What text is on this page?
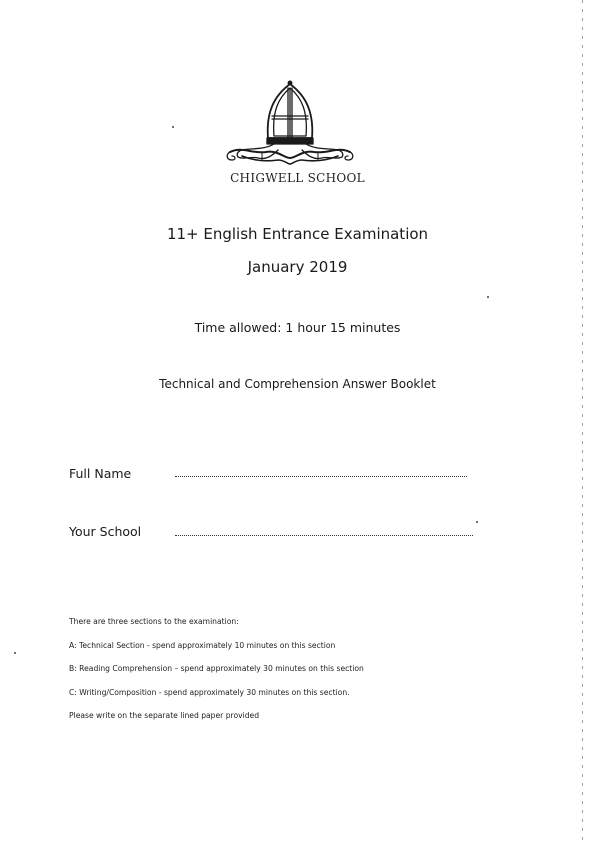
CHIGWELL SCHOOL
11+ English Entrance Examination
January 2019
Time allowed: 1 hour 15 minutes
Technical and Comprehension Answer Booklet
Full Name
Your School

There are three sections to the examination:

A: Technical Section - spend approximately 10 minutes on this section

B: Reading Comprehension – spend approximately 30 minutes on this section

C: Writing/Composition - spend approximately 30 minutes on this section.

Please write on the separate lined paper provided
